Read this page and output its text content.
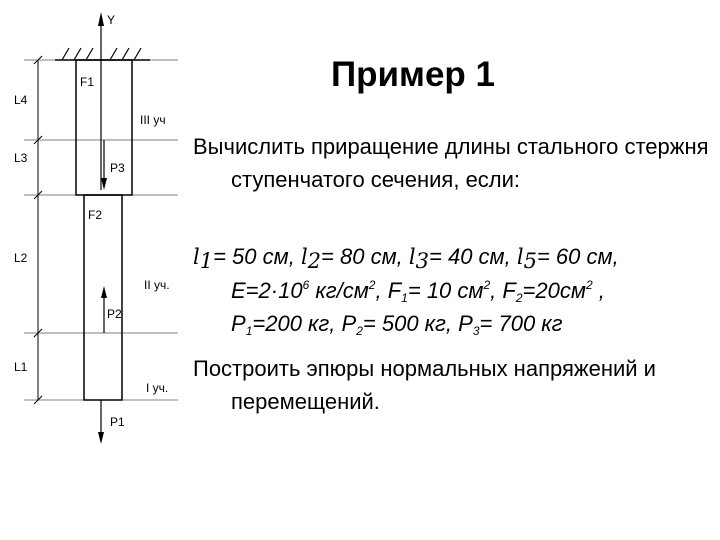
Y
L4
L3
L2
L1
F1
F2
P3
P2
P1
III уч
II уч.
I уч.
Пример 1
Вычислить приращение длины стального стержня ступенчатого сечения, если:
$l_1= 50$ см, $l_2= 80$ см, $l_3= 40$ см, $l_5= 60$ см,
$E=2\cdot 10^6$ $кг/см^2$, $F_1= 10$ $см^2$, $F_2=20см^2$ ,
$P_1=200$ кг, $P_2= 500$ кг, $P_3= 700$ кг
Построить эпюры нормальных напряжений и перемещений.
